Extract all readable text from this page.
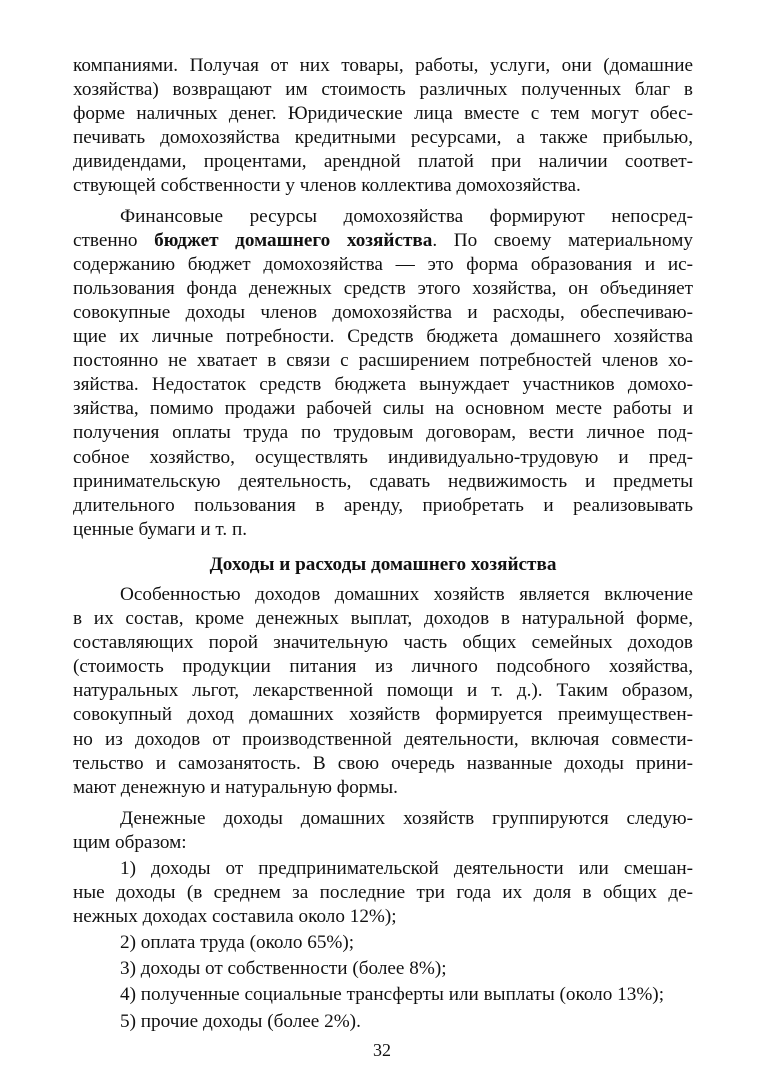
компаниями. Получая от них товары, работы, услуги, они (домашние
хозяйства) возвращают им стоимость различных полученных благ в
форме наличных денег. Юридические лица вместе с тем могут обес-
печивать домохозяйства кредитными ресурсами, а также прибылью,
дивидендами, процентами, арендной платой при наличии соответ-
ствующей собственности у членов коллектива домохозяйства.
Финансовые ресурсы домохозяйства формируют непосред-
ственно бюджет домашнего хозяйства. По своему материальному
содержанию бюджет домохозяйства — это форма образования и ис-
пользования фонда денежных средств этого хозяйства, он объединяет
совокупные доходы членов домохозяйства и расходы, обеспечиваю-
щие их личные потребности. Средств бюджета домашнего хозяйства
постоянно не хватает в связи с расширением потребностей членов хо-
зяйства. Недостаток средств бюджета вынуждает участников домохо-
зяйства, помимо продажи рабочей силы на основном месте работы и
получения оплаты труда по трудовым договорам, вести личное под-
собное хозяйство, осуществлять индивидуально-трудовую и пред-
принимательскую деятельность, сдавать недвижимость и предметы
длительного пользования в аренду, приобретать и реализовывать
ценные бумаги и т. п.
Доходы и расходы домашнего хозяйства
Особенностью доходов домашних хозяйств является включение
в их состав, кроме денежных выплат, доходов в натуральной форме,
составляющих порой значительную часть общих семейных доходов
(стоимость продукции питания из личного подсобного хозяйства,
натуральных льгот, лекарственной помощи и т. д.). Таким образом,
совокупный доход домашних хозяйств формируется преимуществен-
но из доходов от производственной деятельности, включая совмести-
тельство и самозанятость. В свою очередь названные доходы прини-
мают денежную и натуральную формы.
Денежные доходы домашних хозяйств группируются следую-
щим образом:
1) доходы от предпринимательской деятельности или смешан-
ные доходы (в среднем за последние три года их доля в общих де-
нежных доходах составила около 12%);
2) оплата труда (около 65%);
3) доходы от собственности (более 8%);
4) полученные социальные трансферты или выплаты (около 13%);
5) прочие доходы (более 2%).
32
